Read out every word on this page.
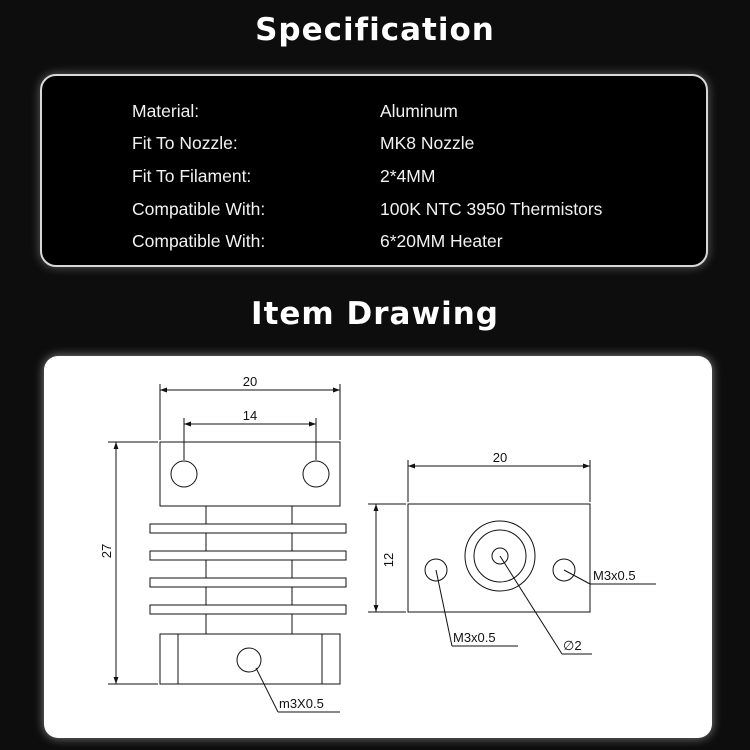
Specification
Material:	Aluminum
Fit To Nozzle:	MK8 Nozzle
Fit To Filament:	2*4MM
Compatible With:	100K NTC 3950 Thermistors
Compatible With:	6*20MM Heater
Item Drawing
20
14
27
m3X0.5
20
12
M3x0.5
M3x0.5
∅2
